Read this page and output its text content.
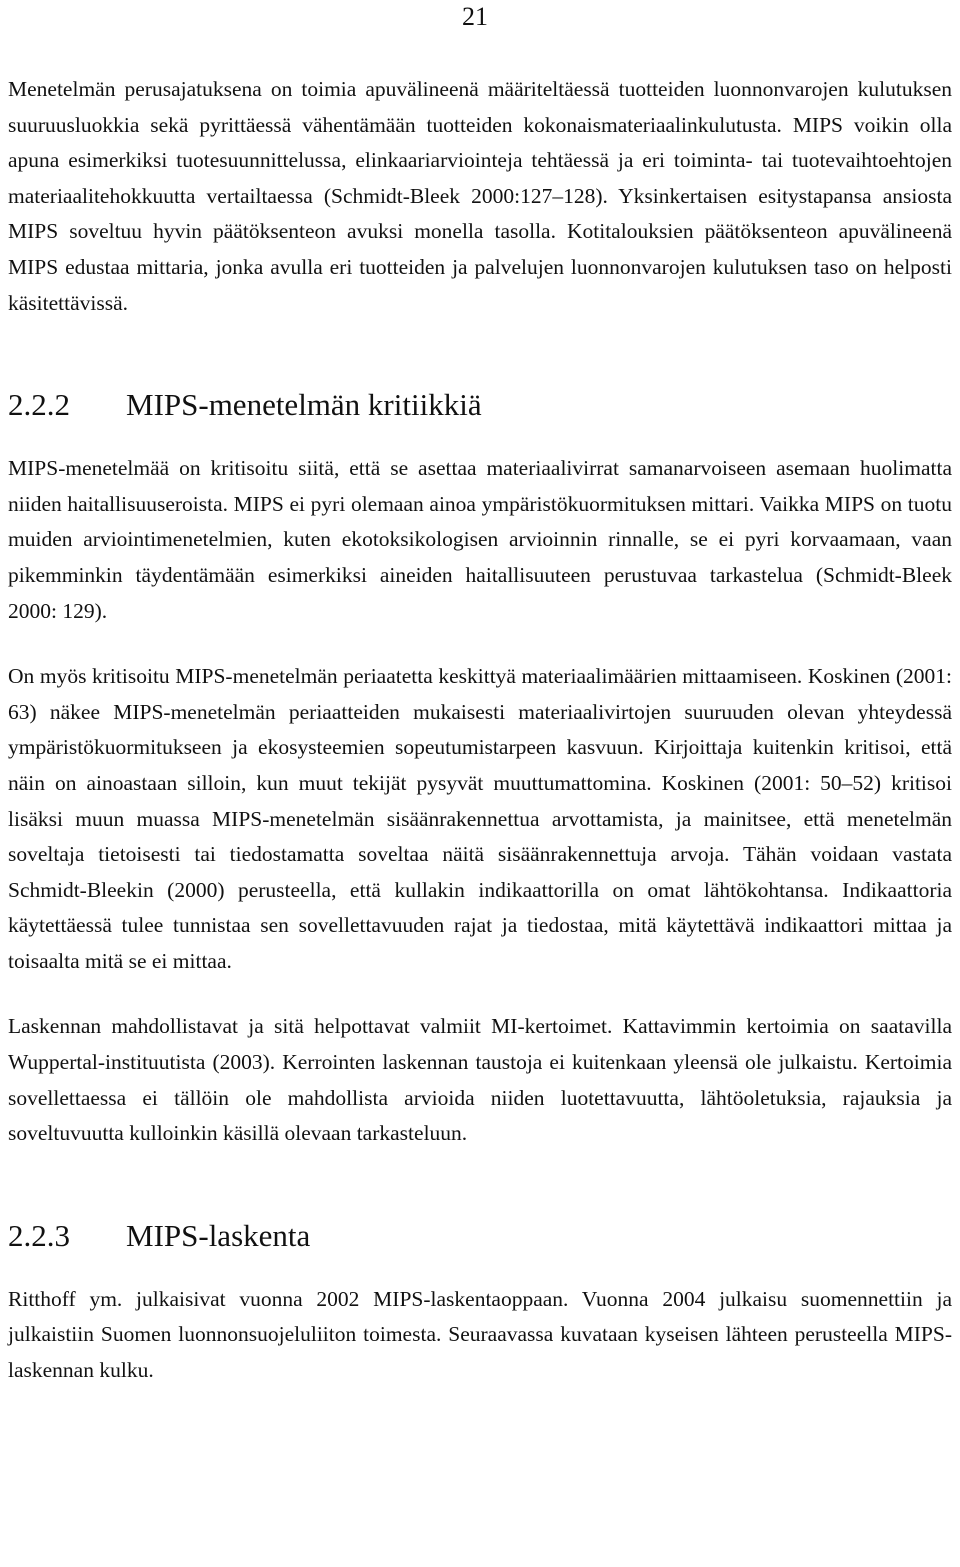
21

Menetelmän perusajatuksena on toimia apuvälineenä määriteltäessä tuotteiden luonnonvarojen kulutuksen suuruusluokkia sekä pyrittäessä vähentämään tuotteiden kokonaismateriaalinkulutusta. MIPS voikin olla apuna esimerkiksi tuotesuunnittelussa, elinkaariarviointeja tehtäessä ja eri toiminta- tai tuotevaihtoehtojen materiaalitehokkuutta vertailtaessa (Schmidt-Bleek 2000:127–128). Yksinkertaisen esitystapansa ansiosta MIPS soveltuu hyvin päätöksenteon avuksi monella tasolla. Kotitalouksien päätöksenteon apuvälineenä MIPS edustaa mittaria, jonka avulla eri tuotteiden ja palvelujen luonnonvarojen kulutuksen taso on helposti käsitettävissä.

2.2.2	MIPS-menetelmän kritiikkiä

MIPS-menetelmää on kritisoitu siitä, että se asettaa materiaalivirrat samanarvoiseen asemaan huolimatta niiden haitallisuuseroista. MIPS ei pyri olemaan ainoa ympäristökuormituksen mittari. Vaikka MIPS on tuotu muiden arviointimenetelmien, kuten ekotoksikologisen arvioinnin rinnalle, se ei pyri korvaamaan, vaan pikemminkin täydentämään esimerkiksi aineiden haitallisuuteen perustuvaa tarkastelua (Schmidt-Bleek 2000: 129).

On myös kritisoitu MIPS-menetelmän periaatetta keskittyä materiaalimäärien mittaamiseen. Koskinen (2001: 63) näkee MIPS-menetelmän periaatteiden mukaisesti materiaalivirtojen suuruuden olevan yhteydessä ympäristökuormitukseen ja ekosysteemien sopeutumistarpeen kasvuun. Kirjoittaja kuitenkin kritisoi, että näin on ainoastaan silloin, kun muut tekijät pysyvät muuttumattomina. Koskinen (2001: 50–52) kritisoi lisäksi muun muassa MIPS-menetelmän sisäänrakennettua arvottamista, ja mainitsee, että menetelmän soveltaja tietoisesti tai tiedostamatta soveltaa näitä sisäänrakennettuja arvoja. Tähän voidaan vastata Schmidt-Bleekin (2000) perusteella, että kullakin indikaattorilla on omat lähtökohtansa. Indikaattoria käytettäessä tulee tunnistaa sen sovellettavuuden rajat ja tiedostaa, mitä käytettävä indikaattori mittaa ja toisaalta mitä se ei mittaa.

Laskennan mahdollistavat ja sitä helpottavat valmiit MI-kertoimet. Kattavimmin kertoimia on saatavilla Wuppertal-instituutista (2003). Kerrointen laskennan taustoja ei kuitenkaan yleensä ole julkaistu. Kertoimia sovellettaessa ei tällöin ole mahdollista arvioida niiden luotettavuutta, lähtöoletuksia, rajauksia ja soveltuvuutta kulloinkin käsillä olevaan tarkasteluun.

2.2.3	MIPS-laskenta

Ritthoff ym. julkaisivat vuonna 2002 MIPS-laskentaoppaan. Vuonna 2004 julkaisu suomennettiin ja julkaistiin Suomen luonnonsuojeluliiton toimesta. Seuraavassa kuvataan kyseisen lähteen perusteella MIPS-laskennan kulku.
